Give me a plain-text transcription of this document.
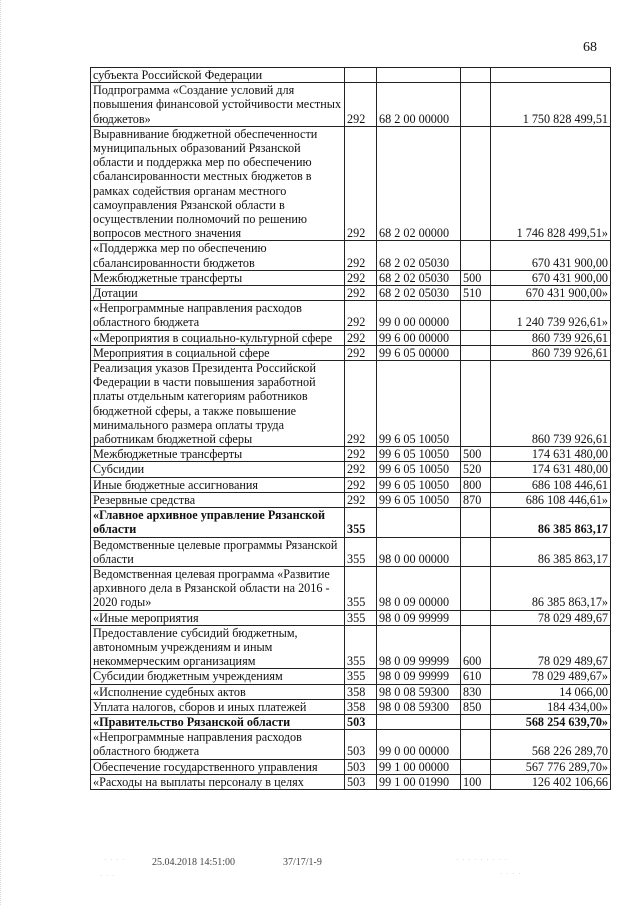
68
субъекта Российской Федерации				
Подпрограмма «Создание условий для повышения финансовой устойчивости местных бюджетов»	292	68 2 00 00000		1 750 828 499,51
Выравнивание бюджетной обеспеченности муниципальных образований Рязанской области и поддержка мер по обеспечению сбалансированности местных бюджетов в рамках содействия органам местного самоуправления Рязанской области в осуществлении полномочий по решению вопросов местного значения	292	68 2 02 00000		1 746 828 499,51»
«Поддержка мер по обеспечению сбалансированности бюджетов	292	68 2 02 05030		670 431 900,00
Межбюджетные трансферты	292	68 2 02 05030	500	670 431 900,00
Дотации	292	68 2 02 05030	510	670 431 900,00»
«Непрограммные направления расходов областного бюджета	292	99 0 00 00000		1 240 739 926,61»
«Мероприятия в социально-культурной сфере	292	99 6 00 00000		860 739 926,61
Мероприятия в социальной сфере	292	99 6 05 00000		860 739 926,61
Реализация указов Президента Российской Федерации в части повышения заработной платы отдельным категориям работников бюджетной сферы, а также повышение минимального размера оплаты труда работникам бюджетной сферы	292	99 6 05 10050		860 739 926,61
Межбюджетные трансферты	292	99 6 05 10050	500	174 631 480,00
Субсидии	292	99 6 05 10050	520	174 631 480,00
Иные бюджетные ассигнования	292	99 6 05 10050	800	686 108 446,61
Резервные средства	292	99 6 05 10050	870	686 108 446,61»
«Главное архивное управление Рязанской области	355			86 385 863,17
Ведомственные целевые программы Рязанской области	355	98 0 00 00000		86 385 863,17
Ведомственная целевая программа «Развитие архивного дела в Рязанской области на 2016 - 2020 годы»	355	98 0 09 00000		86 385 863,17»
«Иные мероприятия	355	98 0 09 99999		78 029 489,67
Предоставление субсидий бюджетным, автономным учреждениям и иным некоммерческим организациям	355	98 0 09 99999	600	78 029 489,67
Субсидии бюджетным учреждениям	355	98 0 09 99999	610	78 029 489,67»
«Исполнение судебных актов	358	98 0 08 59300	830	14 066,00
Уплата налогов, сборов и иных платежей	358	98 0 08 59300	850	184 434,00»
«Правительство Рязанской области	503			568 254 639,70»
«Непрограммные направления расходов областного бюджета	503	99 0 00 00000		568 226 289,70
Обеспечение государственного управления	503	99 1 00 00000		567 776 289,70»
«Расходы на выплаты персоналу в целях	503	99 1 00 01990	100	126 402 106,66
25.04.2018 14:51:00	37/17/1-9
· · · ·
· · ·
· · · · · · · · ·
· · · ·
